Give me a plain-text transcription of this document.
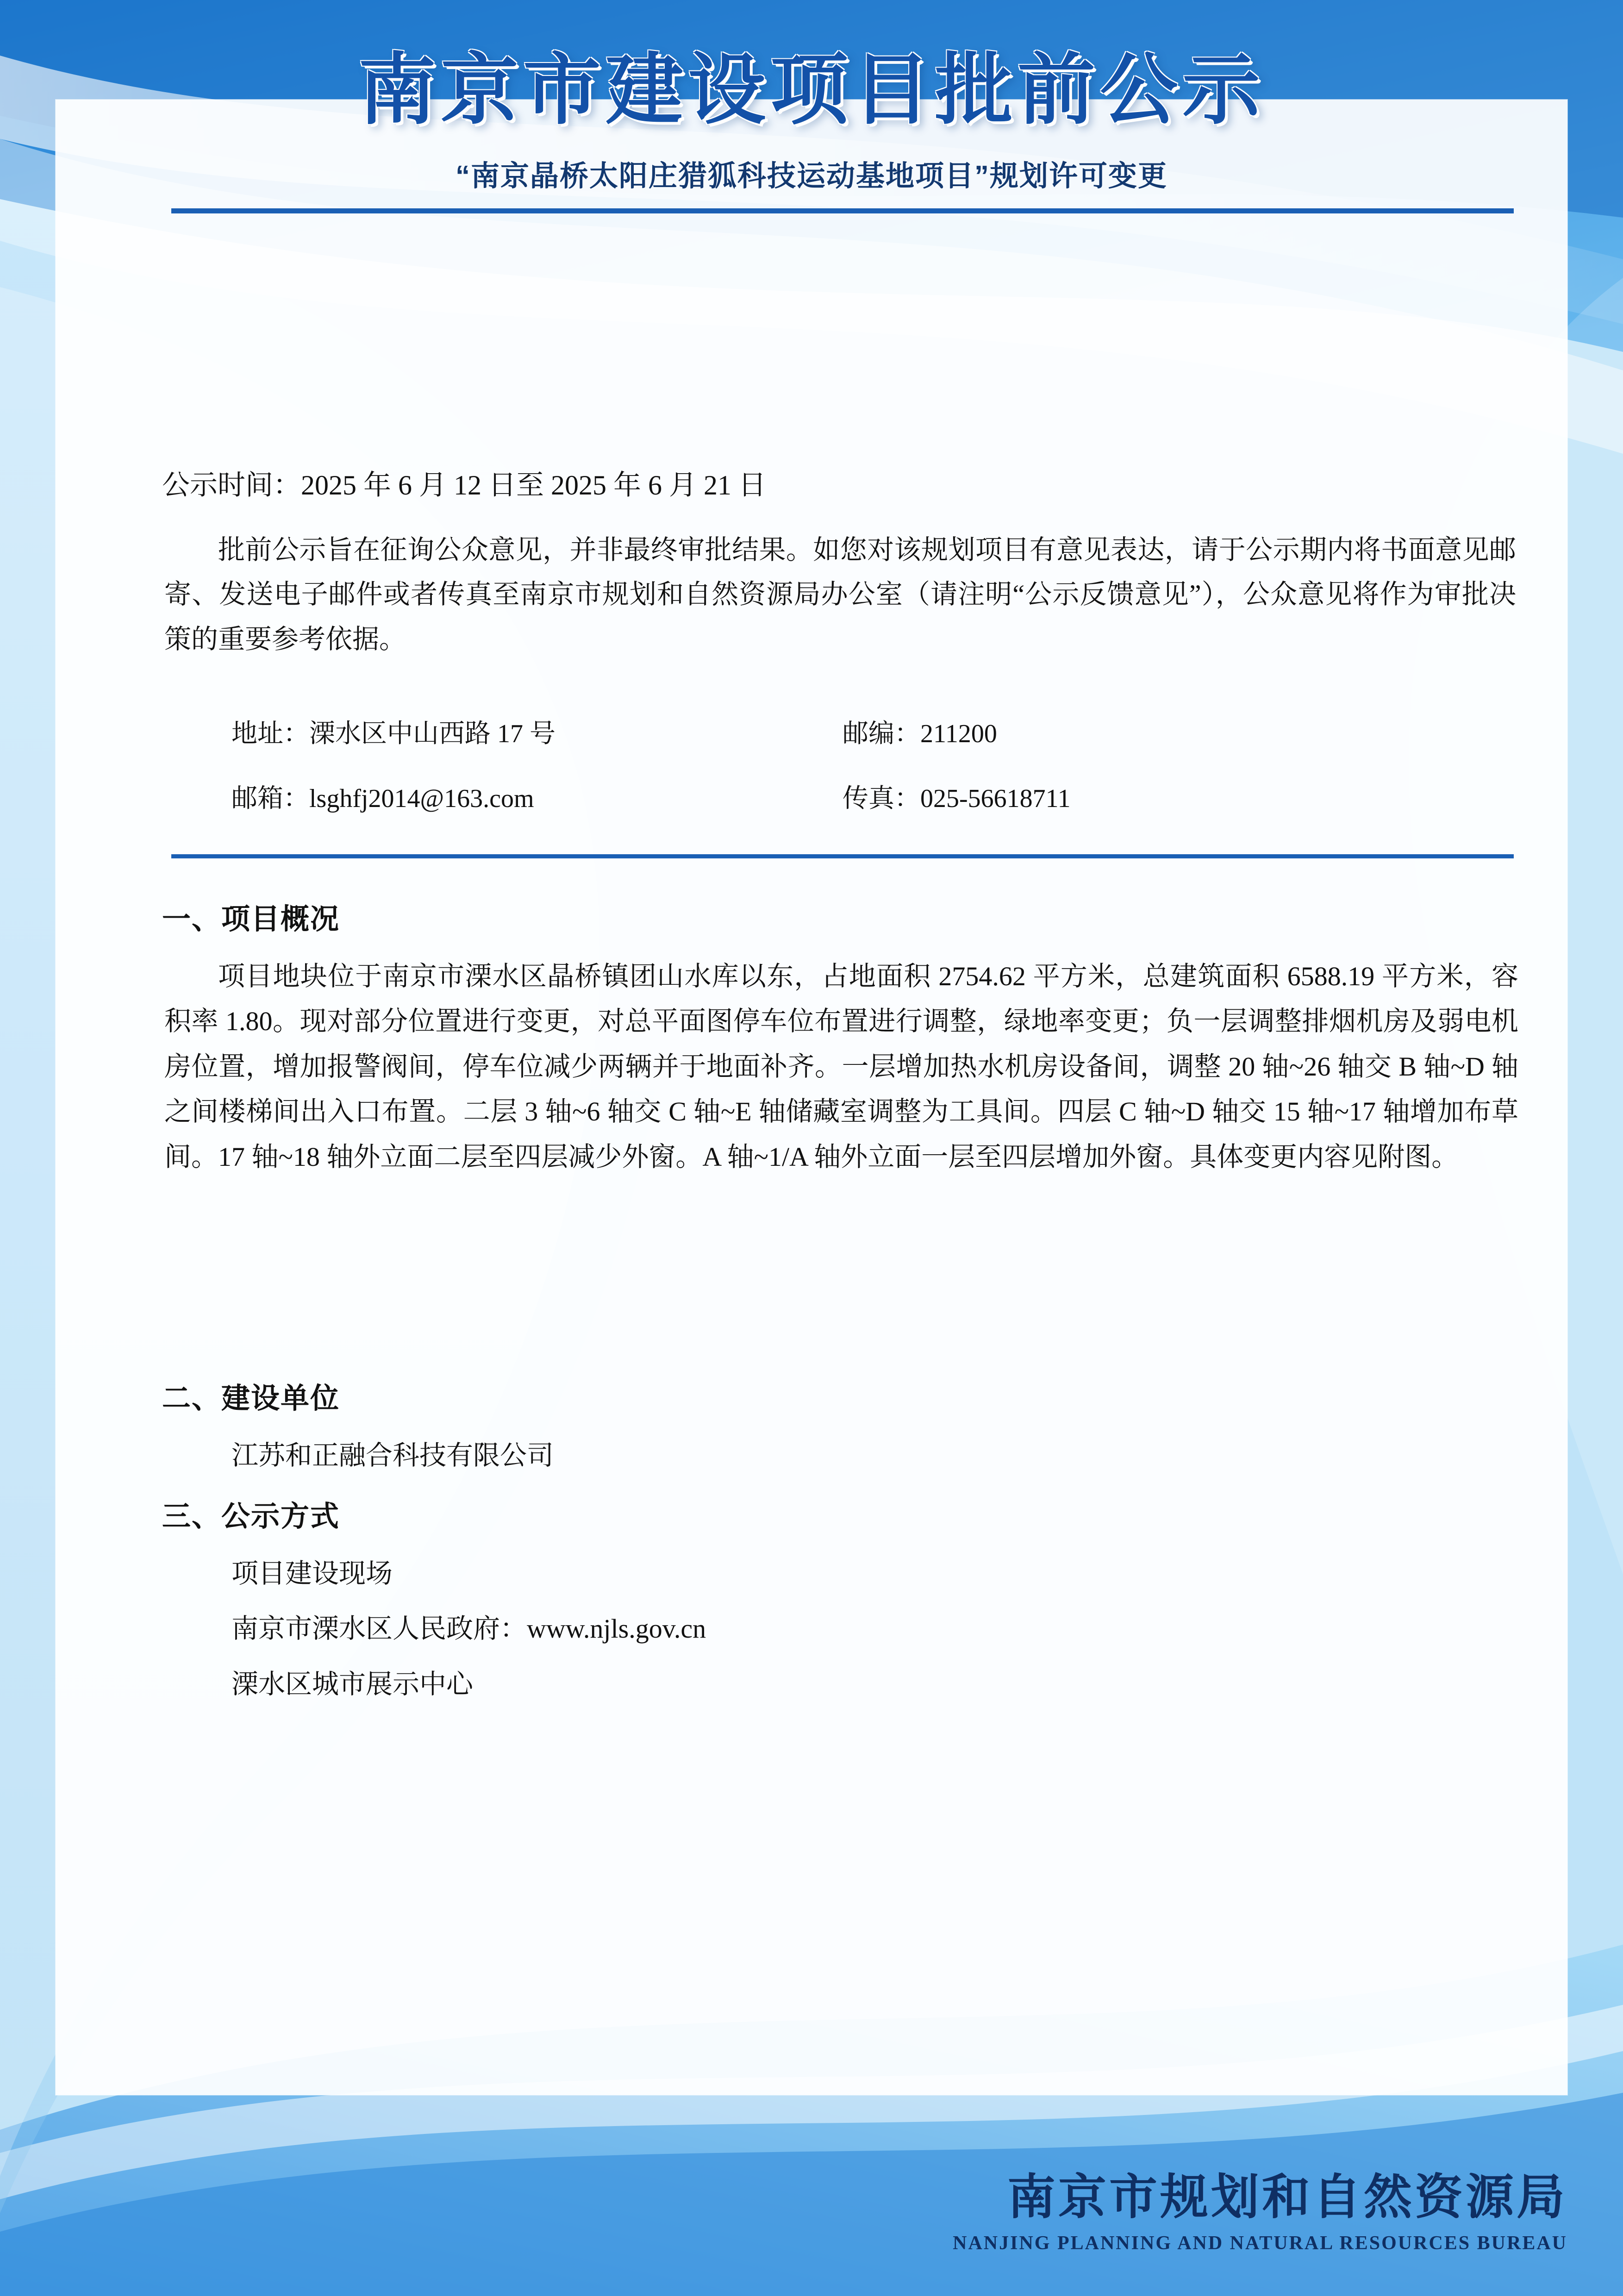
南京市建设项目批前公示
“南京晶桥太阳庄猎狐科技运动基地项目”规划许可变更
公示时间：2025 年 6 月 12 日至 2025 年 6 月 21 日
批前公示旨在征询公众意见，并非最终审批结果。如您对该规划项目有意见表达，请于公示期内将书面意见邮寄、发送电子邮件或者传真至南京市规划和自然资源局办公室（请注明“公示反馈意见”），公众意见将作为审批决策的重要参考依据。
地址：溧水区中山西路 17 号	邮编：211200
邮箱：lsghfj2014@163.com	传真：025-56618711
一、项目概况
项目地块位于南京市溧水区晶桥镇团山水库以东，占地面积 2754.62 平方米，总建筑面积 6588.19 平方米，容积率 1.80。现对部分位置进行变更，对总平面图停车位布置进行调整，绿地率变更；负一层调整排烟机房及弱电机房位置，增加报警阀间，停车位减少两辆并于地面补齐。一层增加热水机房设备间，调整 20 轴~26 轴交 B 轴~D 轴之间楼梯间出入口布置。二层 3 轴~6 轴交 C 轴~E 轴储藏室调整为工具间。四层 C 轴~D 轴交 15 轴~17 轴增加布草间。17 轴~18 轴外立面二层至四层减少外窗。A 轴~1/A 轴外立面一层至四层增加外窗。具体变更内容见附图。
二、建设单位
江苏和正融合科技有限公司
三、公示方式
项目建设现场
南京市溧水区人民政府：www.njls.gov.cn
溧水区城市展示中心
南京市规划和自然资源局
NANJING PLANNING AND NATURAL RESOURCES BUREAU
